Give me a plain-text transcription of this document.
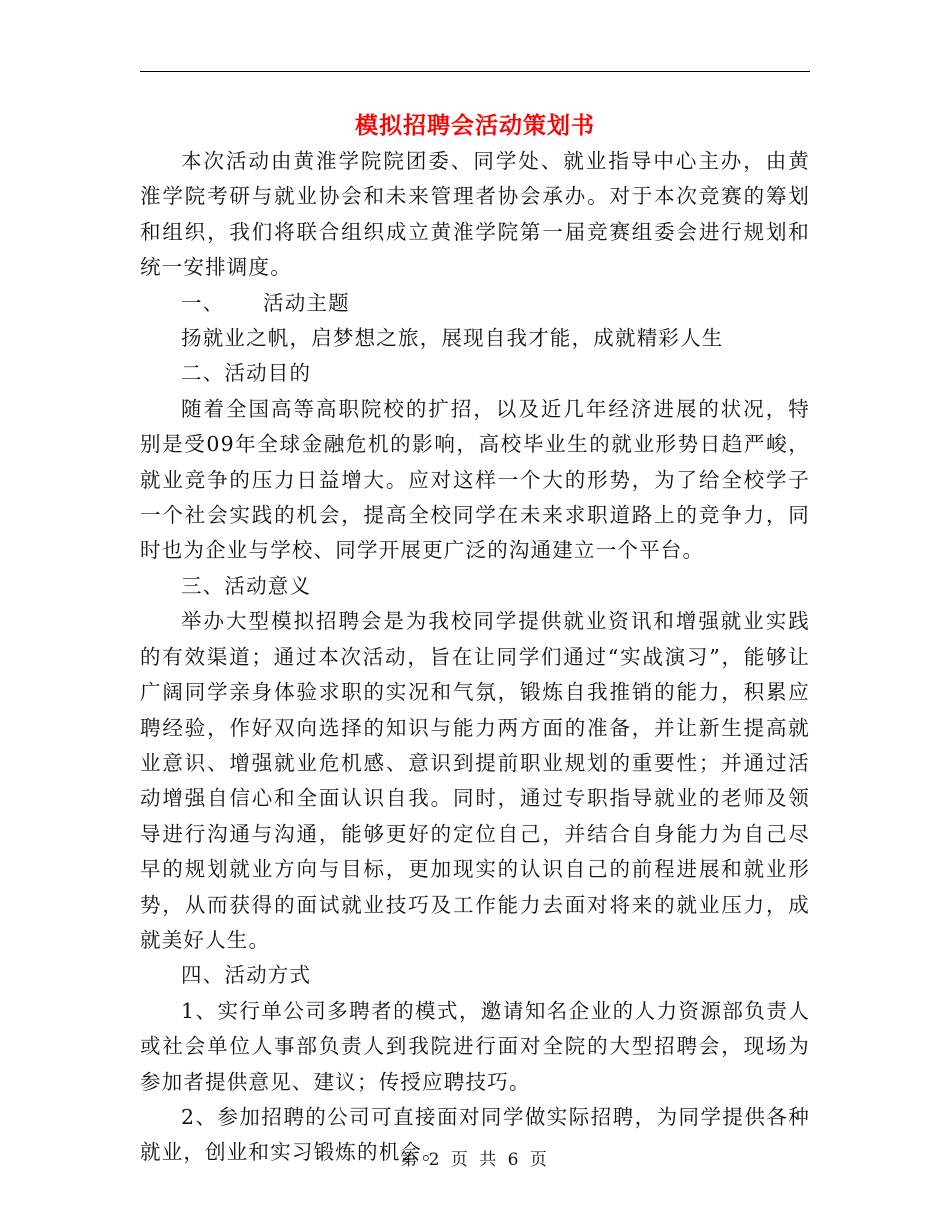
模拟招聘会活动策划书

本次活动由黄淮学院院团委、同学处、就业指导中心主办，由黄淮学院考研与就业协会和未来管理者协会承办。对于本次竞赛的筹划和组织，我们将联合组织成立黄淮学院第一届竞赛组委会进行规划和统一安排调度。

一、 活动主题

扬就业之帆，启梦想之旅，展现自我才能，成就精彩人生

二、活动目的

随着全国高等高职院校的扩招，以及近几年经济进展的状况，特别是受09年全球金融危机的影响，高校毕业生的就业形势日趋严峻，就业竞争的压力日益增大。应对这样一个大的形势，为了给全校学子一个社会实践的机会，提高全校同学在未来求职道路上的竞争力，同时也为企业与学校、同学开展更广泛的沟通建立一个平台。

三、活动意义

举办大型模拟招聘会是为我校同学提供就业资讯和增强就业实践的有效渠道；通过本次活动，旨在让同学们通过“实战演习”，能够让广阔同学亲身体验求职的实况和气氛，锻炼自我推销的能力，积累应聘经验，作好双向选择的知识与能力两方面的准备，并让新生提高就业意识、增强就业危机感、意识到提前职业规划的重要性；并通过活动增强自信心和全面认识自我。同时，通过专职指导就业的老师及领导进行沟通与沟通，能够更好的定位自己，并结合自身能力为自己尽早的规划就业方向与目标，更加现实的认识自己的前程进展和就业形势，从而获得的面试就业技巧及工作能力去面对将来的就业压力，成就美好人生。

四、活动方式

1、实行单公司多聘者的模式，邀请知名企业的人力资源部负责人或社会单位人事部负责人到我院进行面对全院的大型招聘会，现场为参加者提供意见、建议；传授应聘技巧。

2、参加招聘的公司可直接面对同学做实际招聘，为同学提供各种就业，创业和实习锻炼的机会。

第 2 页 共 6 页
